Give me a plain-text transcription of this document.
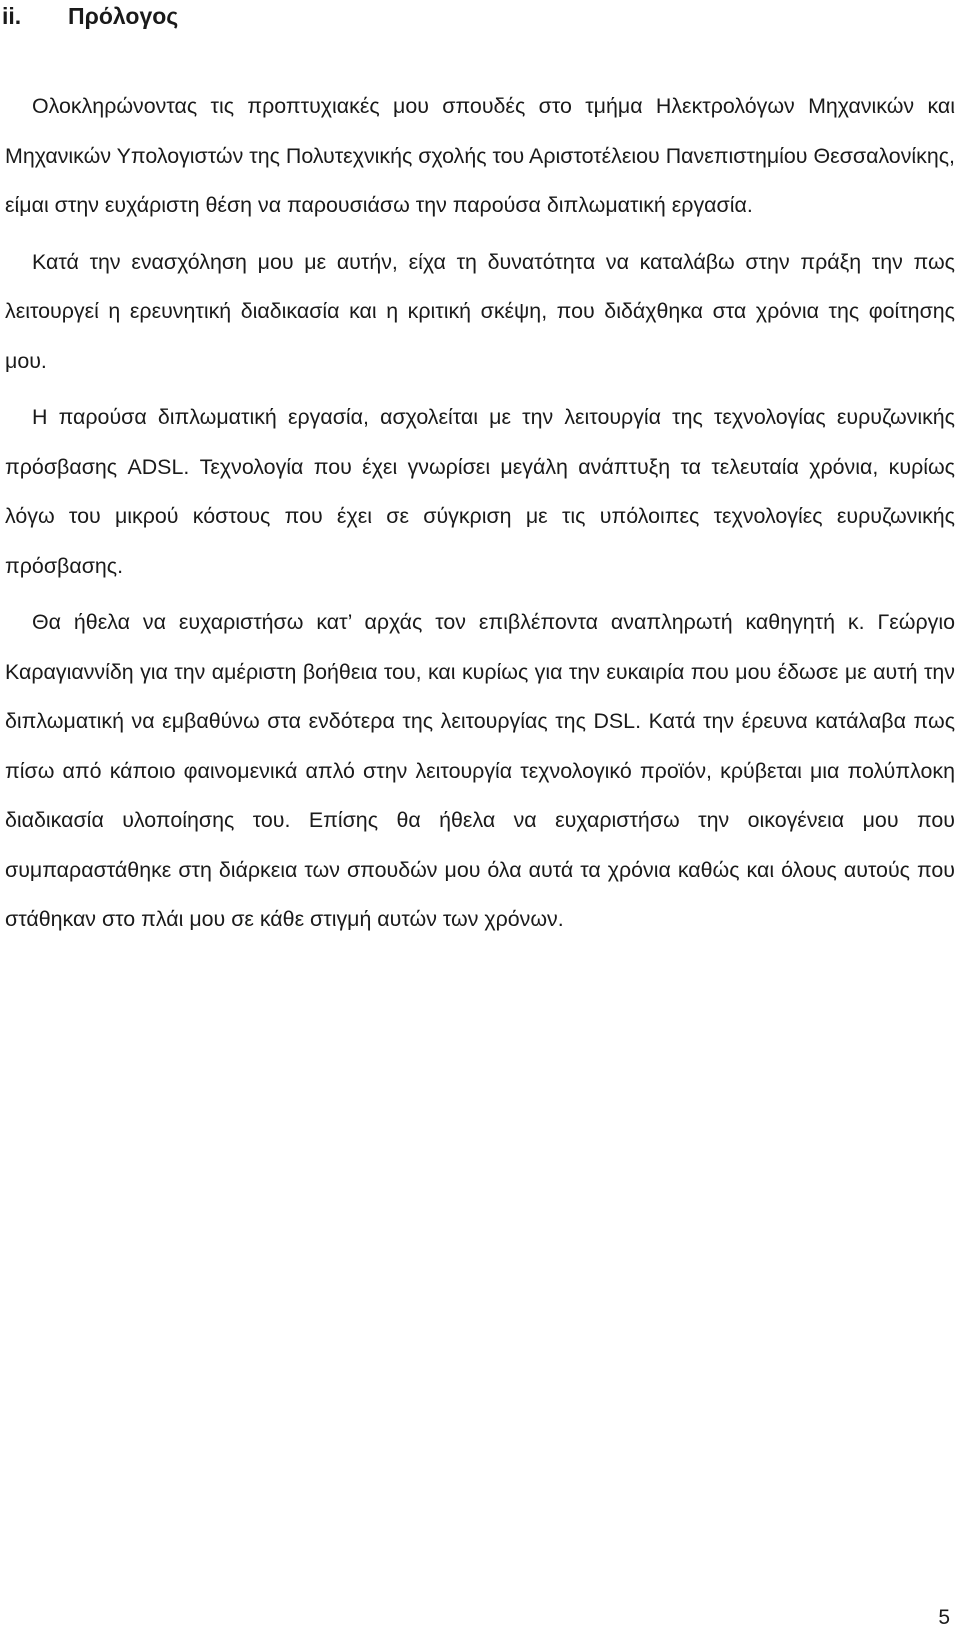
ii.	Πρόλογος

Ολοκληρώνοντας τις προπτυχιακές μου σπουδές στο τμήμα Ηλεκτρολόγων Μηχανικών και Μηχανικών Υπολογιστών της Πολυτεχνικής σχολής του Αριστοτέλειου Πανεπιστημίου Θεσσαλονίκης, είμαι στην ευχάριστη θέση να παρουσιάσω την παρούσα διπλωματική εργασία.

Κατά την ενασχόληση μου με αυτήν, είχα τη δυνατότητα να καταλάβω στην πράξη την πως λειτουργεί η ερευνητική διαδικασία και η κριτική σκέψη, που διδάχθηκα στα χρόνια της φοίτησης μου.

Η παρούσα διπλωματική εργασία, ασχολείται με την λειτουργία της τεχνολογίας ευρυζωνικής πρόσβασης ADSL. Τεχνολογία που έχει γνωρίσει μεγάλη ανάπτυξη τα τελευταία χρόνια, κυρίως λόγω του μικρού κόστους που έχει σε σύγκριση με τις υπόλοιπες τεχνολογίες ευρυζωνικής πρόσβασης.

Θα ήθελα να ευχαριστήσω κατ’ αρχάς τον επιβλέποντα αναπληρωτή καθηγητή κ. Γεώργιο Καραγιαννίδη για την αμέριστη βοήθεια του, και κυρίως για την ευκαιρία που μου έδωσε με αυτή την διπλωματική να εμβαθύνω στα ενδότερα της λειτουργίας της DSL. Κατά την έρευνα κατάλαβα πως πίσω από κάποιο φαινομενικά απλό στην λειτουργία τεχνολογικό προϊόν, κρύβεται μια πολύπλοκη διαδικασία υλοποίησης του. Επίσης θα ήθελα να ευχαριστήσω την οικογένεια μου που συμπαραστάθηκε στη διάρκεια των σπουδών μου όλα αυτά τα χρόνια καθώς και όλους αυτούς που στάθηκαν στο πλάι μου σε κάθε στιγμή αυτών των χρόνων.

5
